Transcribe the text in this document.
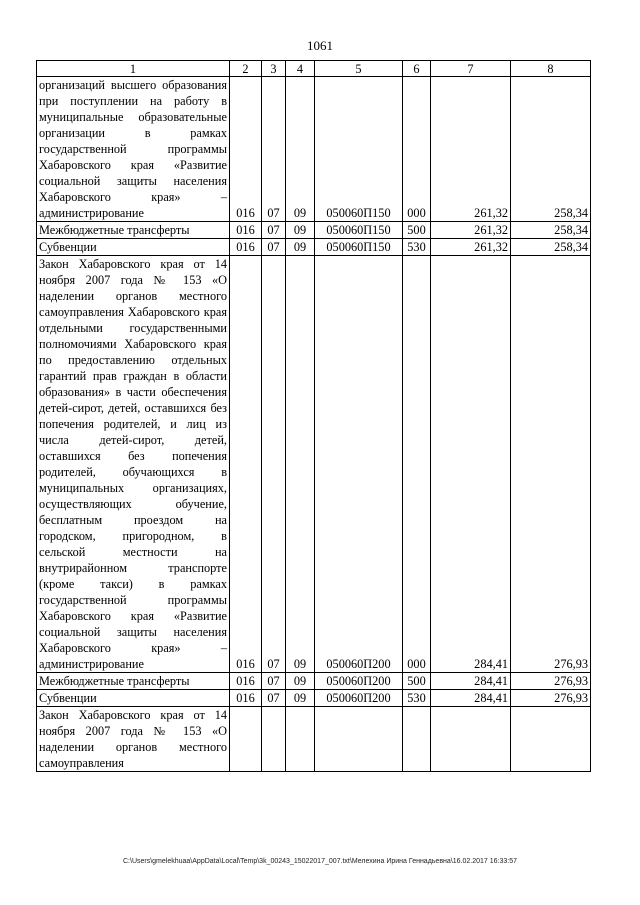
1061
1	2	3	4	5	6	7	8
организаций высшего образования при поступлении на работу в муниципальные образовательные организации в рамках государственной программы Хабаровского края «Развитие социальной защиты населения Хабаровского края» – администрирование	016	07	09	050060П150	000	261,32	258,34
Межбюджетные трансферты	016	07	09	050060П150	500	261,32	258,34
Субвенции	016	07	09	050060П150	530	261,32	258,34
Закон Хабаровского края от 14 ноября 2007 года № 153 «О наделении органов местного самоуправления Хабаровского края отдельными государственными полномочиями Хабаровского края по предоставлению отдельных гарантий прав граждан в области образования» в части обеспечения детей-сирот, детей, оставшихся без попечения родителей, и лиц из числа детей-сирот, детей, оставшихся без попечения родителей, обучающихся в муниципальных организациях, осуществляющих обучение, бесплатным проездом на городском, пригородном, в сельской местности на внутрирайонном транспорте (кроме такси) в рамках государственной программы Хабаровского края «Развитие социальной защиты населения Хабаровского края» – администрирование	016	07	09	050060П200	000	284,41	276,93
Межбюджетные трансферты	016	07	09	050060П200	500	284,41	276,93
Субвенции	016	07	09	050060П200	530	284,41	276,93
Закон Хабаровского края от 14 ноября 2007 года № 153 «О наделении органов местного самоуправления							
C:\Users\gmelekhuaa\AppData\Local\Temp\3k_00243_15022017_007.txt\Мелехина Ирина Геннадьевна\16.02.2017 16:33:57
